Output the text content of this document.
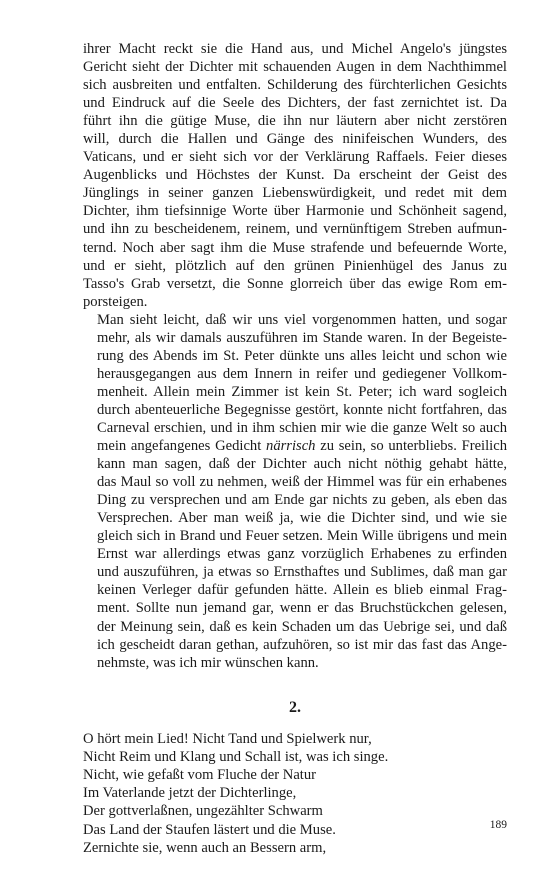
ihrer Macht reckt sie die Hand aus, und Michel Angelo's jüngstes
Gericht sieht der Dichter mit schauenden Augen in dem Nachthimmel
sich ausbreiten und entfalten. Schilderung des fürchterlichen Gesichts
und Eindruck auf die Seele des Dichters, der fast zernichtet ist. Da
führt ihn die gütige Muse, die ihn nur läutern aber nicht zerstören
will, durch die Hallen und Gänge des ninifeischen Wunders, des
Vaticans, und er sieht sich vor der Verklärung Raffaels. Feier dieses
Augenblicks und Höchstes der Kunst. Da erscheint der Geist des
Jünglings in seiner ganzen Liebenswürdigkeit, und redet mit dem
Dichter, ihm tiefsinnige Worte über Harmonie und Schönheit sagend,
und ihn zu bescheidenem, reinem, und vernünftigem Streben aufmun-
ternd. Noch aber sagt ihm die Muse strafende und befeuernde Worte,
und er sieht, plötzlich auf den grünen Pinienhügel des Janus zu
Tasso's Grab versetzt, die Sonne glorreich über das ewige Rom em-
porsteigen.

Man sieht leicht, daß wir uns viel vorgenommen hatten, und sogar
mehr, als wir damals auszuführen im Stande waren. In der Begeiste-
rung des Abends im St. Peter dünkte uns alles leicht und schon wie
herausgegangen aus dem Innern in reifer und gediegener Vollkom-
menheit. Allein mein Zimmer ist kein St. Peter; ich ward sogleich
durch abenteuerliche Begegnisse gestört, konnte nicht fortfahren, das
Carneval erschien, und in ihm schien mir wie die ganze Welt so auch
mein angefangenes Gedicht närrisch zu sein, so unterbliebs. Freilich
kann man sagen, daß der Dichter auch nicht nöthig gehabt hätte,
das Maul so voll zu nehmen, weiß der Himmel was für ein erhabenes
Ding zu versprechen und am Ende gar nichts zu geben, als eben das
Versprechen. Aber man weiß ja, wie die Dichter sind, und wie sie
gleich sich in Brand und Feuer setzen. Mein Wille übrigens und mein
Ernst war allerdings etwas ganz vorzüglich Erhabenes zu erfinden
und auszuführen, ja etwas so Ernsthaftes und Sublimes, daß man gar
keinen Verleger dafür gefunden hätte. Allein es blieb einmal Frag-
ment. Sollte nun jemand gar, wenn er das Bruchstückchen gelesen,
der Meinung sein, daß es kein Schaden um das Uebrige sei, und daß
ich gescheidt daran gethan, aufzuhören, so ist mir das fast das Ange-
nehmste, was ich mir wünschen kann.

2.
O hört mein Lied! Nicht Tand und Spielwerk nur,
Nicht Reim und Klang und Schall ist, was ich singe.
Nicht, wie gefaßt vom Fluche der Natur
Im Vaterlande jetzt der Dichterlinge,
Der gottverlaßnen, ungezählter Schwarm
Das Land der Staufen lästert und die Muse.
Zernichte sie, wenn auch an Bessern arm,
189
